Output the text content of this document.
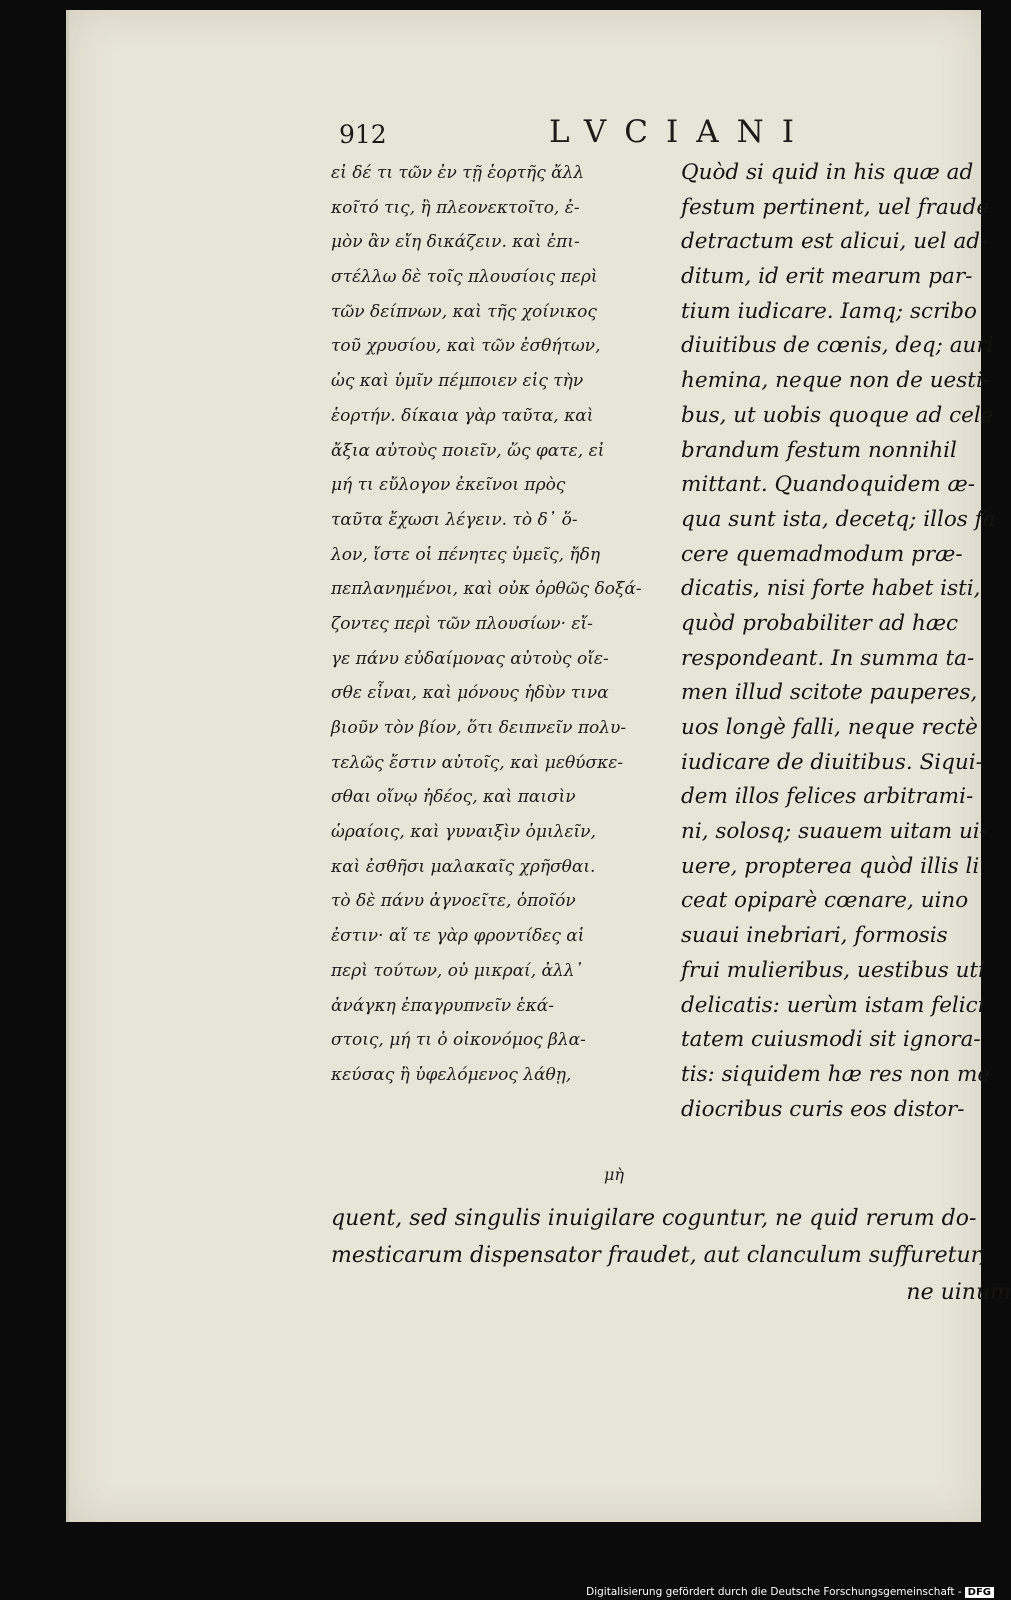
912	LVCIANI
εἰ δέ τι τῶν ἐν τῇ ἑορτῆς ἄλλ
κοῖτό τις, ἢ πλεονεκτοῖτο, ἐ-
μὸν ἂν εἴη δικάζειν. καὶ ἐπι-
στέλλω δὲ τοῖς πλουσίοις περὶ
τῶν δείπνων, καὶ τῆς χοίνικος
τοῦ χρυσίου, καὶ τῶν ἐσθήτων,
ὡς καὶ ὑμῖν πέμποιεν εἰς τὴν
ἑορτήν. δίκαια γὰρ ταῦτα, καὶ
ἄξια αὐτοὺς ποιεῖν, ὥς φατε, εἰ
μή τι εὔλογον ἐκεῖνοι πρὸς
ταῦτα ἔχωσι λέγειν. τὸ δ᾽ ὅ-
λον, ἴστε οἱ πένητες ὑμεῖς, ἤδη
πεπλανημένοι, καὶ οὐκ ὀρθῶς δοξά-
ζοντες περὶ τῶν πλουσίων· εἴ-
γε πάνυ εὐδαίμονας αὐτοὺς οἴε-
σθε εἶναι, καὶ μόνους ἡδὺν τινα
βιοῦν τὸν βίον, ὅτι δειπνεῖν πολυ-
τελῶς ἔστιν αὐτοῖς, καὶ μεθύσκε-
σθαι οἴνῳ ἡδέος, καὶ παισὶν
ὡραίοις, καὶ γυναιξὶν ὁμιλεῖν,
καὶ ἐσθῆσι μαλακαῖς χρῆσθαι.
τὸ δὲ πάνυ ἀγνοεῖτε, ὁποῖόν
ἐστιν· αἵ τε γὰρ φροντίδες αἱ
περὶ τούτων, οὐ μικραί, ἀλλ᾽
ἀνάγκη ἐπαγρυπνεῖν ἑκά-
στοις, μή τι ὁ οἰκονόμος βλα-
κεύσας ἢ ὑφελόμενος λάθῃ,
Quòd si quid in his quæ ad
festum pertinent, uel fraude
detractum est alicui, uel ad-
ditum, id erit mearum par-
tium iudicare. Iamq; scribo
diuitibus de cœnis, deq; auri
hemina, neque non de uesti-
bus, ut uobis quoque ad cele
brandum festum nonnihil
mittant. Quandoquidem æ-
qua sunt ista, decetq; illos fa
cere quemadmodum præ-
dicatis, nisi forte habet isti,
quòd probabiliter ad hæc
respondeant. In summa ta-
men illud scitote pauperes,
uos longè falli, neque rectè
iudicare de diuitibus. Siqui-
dem illos felices arbitrami-
ni, solosq; suauem uitam ui-
uere, propterea quòd illis li
ceat opiparè cœnare, uino
suaui inebriari, formosis
frui mulieribus, uestibus uti
delicatis: uerùm istam felici
tatem cuiusmodi sit ignora-
tis: siquidem hæ res non me
diocribus curis eos distor-
μὴ
quent, sed singulis inuigilare coguntur, ne quid rerum do-
mesticarum dispensator fraudet, aut clanculum suffuretur,
ne uinum
Digitalisierung gefördert durch die Deutsche Forschungsgemeinschaft - DFG
